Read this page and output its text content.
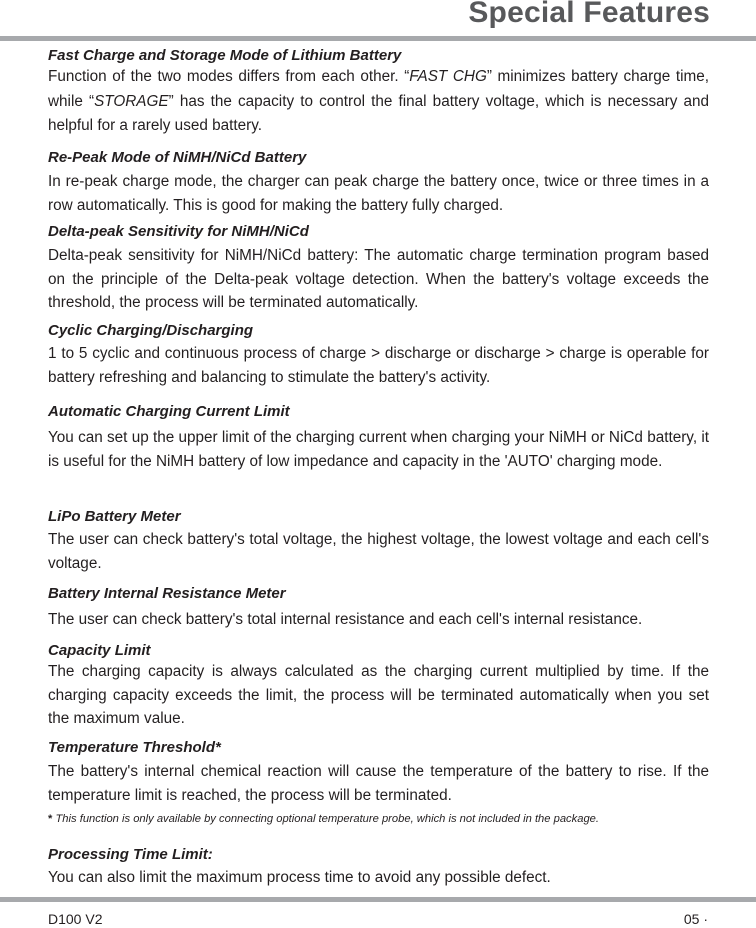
Special Features

Fast Charge and Storage Mode of Lithium Battery

Function of the two modes differs from each other. “FAST CHG” minimizes battery charge time, while “STORAGE” has the capacity to control the final battery voltage, which is necessary and helpful for a rarely used battery.

Re-Peak Mode of NiMH/NiCd Battery

In re-peak charge mode, the charger can peak charge the battery once, twice or three times in a row automatically. This is good for making the battery fully charged.

Delta-peak Sensitivity for NiMH/NiCd

Delta-peak sensitivity for NiMH/NiCd battery: The automatic charge termination program based on the principle of the Delta-peak voltage detection. When the battery's voltage exceeds the threshold, the process will be terminated automatically.

Cyclic Charging/Discharging

1 to 5 cyclic and continuous process of charge > discharge or discharge > charge is operable for battery refreshing and balancing to stimulate the battery's activity.

Automatic Charging Current Limit

You can set up the upper limit of the charging current when charging your NiMH or NiCd battery, it is useful for the NiMH battery of low impedance and capacity in the 'AUTO' charging mode.

LiPo Battery Meter

The user can check battery's total voltage, the highest voltage, the lowest voltage and each cell's voltage.

Battery Internal Resistance Meter

The user can check battery's total internal resistance and each cell's internal resistance.

Capacity Limit

The charging capacity is always calculated as the charging current multiplied by time. If the charging capacity exceeds the limit, the process will be terminated automatically when you set the maximum value.

Temperature Threshold*

The battery's internal chemical reaction will cause the temperature of the battery to rise. If the temperature limit is reached, the process will be terminated.

* This function is only available by connecting optional temperature probe, which is not included in the package.

Processing Time Limit:

You can also limit the maximum process time to avoid any possible defect.

D100 V2	05 ·
